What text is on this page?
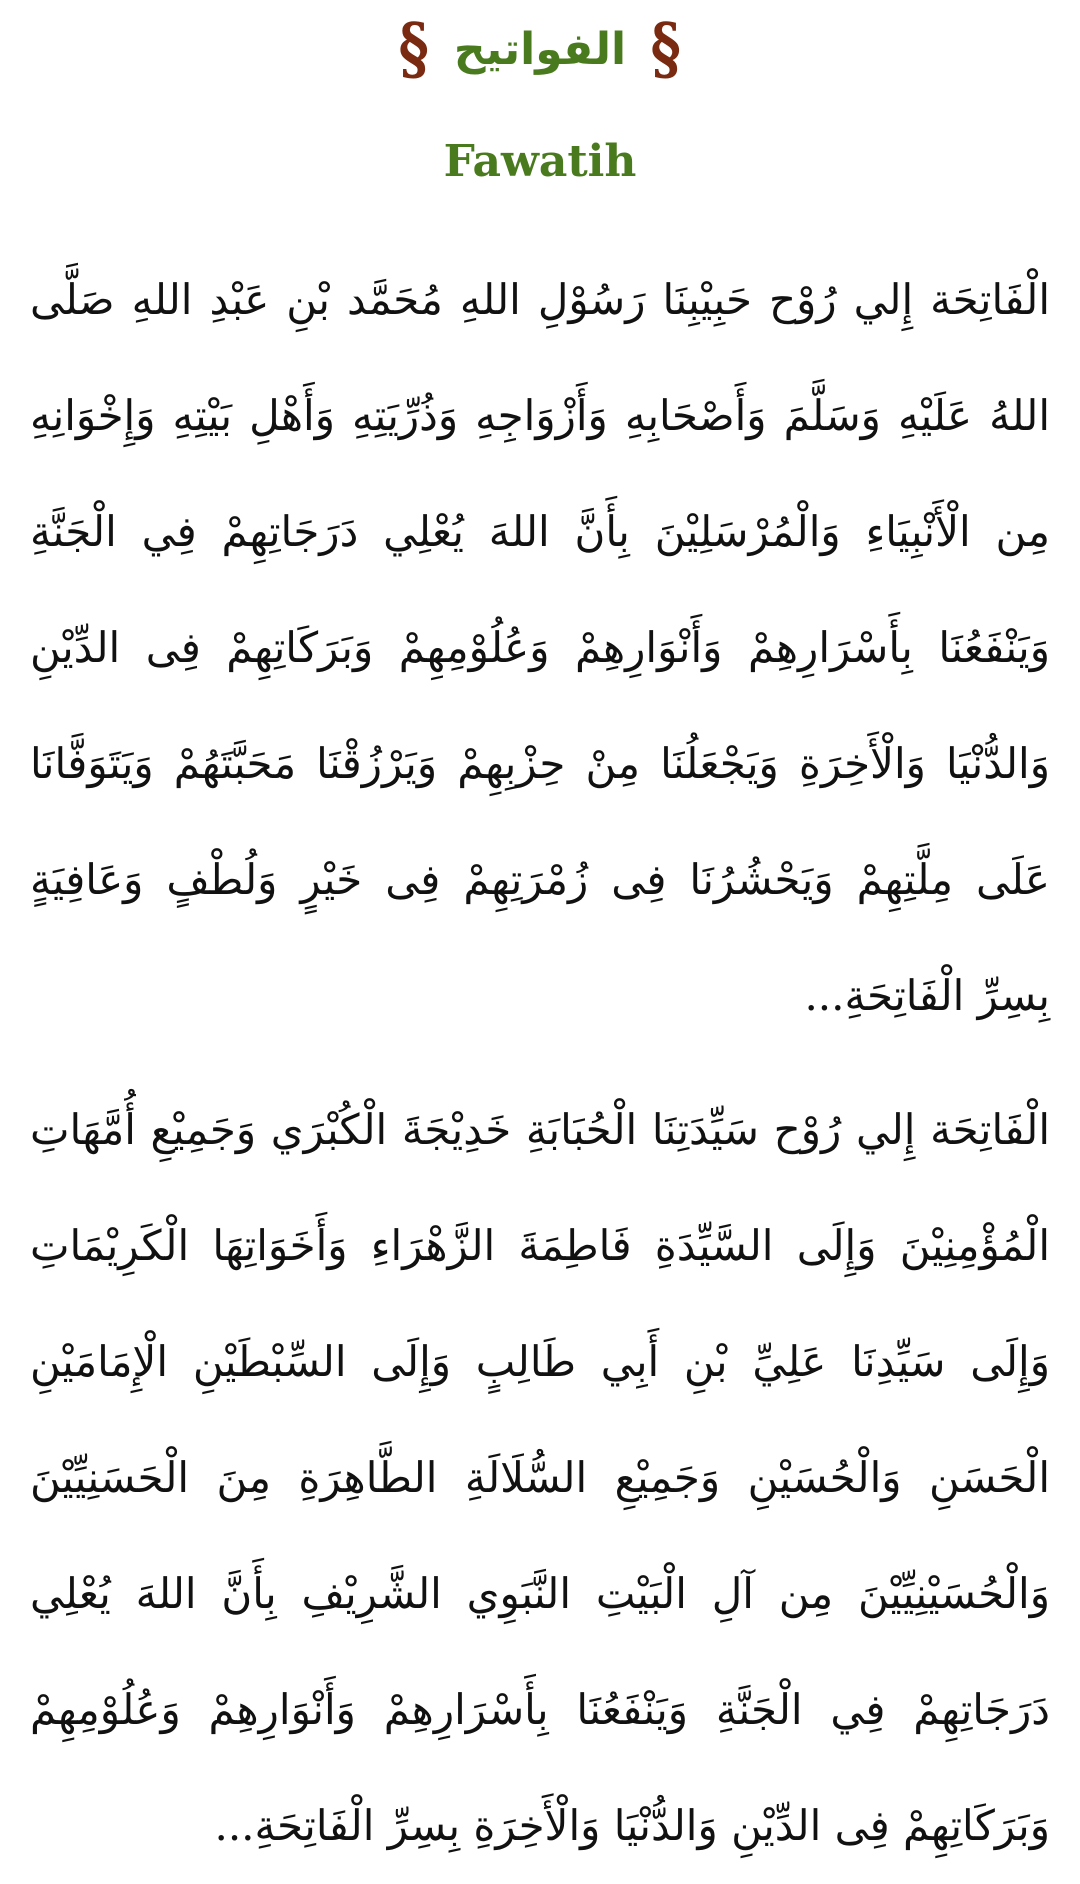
§ الفواتيح §
Fawatih

الْفَاتِحَة إِلي رُوْح حَبِيْبِنَا رَسُوْلِ اللهِ مُحَمَّد بْنِ عَبْدِ اللهِ صَلَّى اللهُ عَلَيْهِ وَسَلَّمَ وَأَصْحَابِهِ وَأَزْوَاجِهِ وَذُرِّيَتِهِ وَأَهْلِ بَيْتِهِ وَإِخْوَانِهِ مِن الْأَنْبِيَاءِ وَالْمُرْسَلِيْنَ بِأَنَّ اللهَ يُعْلِي دَرَجَاتِهِمْ فِي الْجَنَّةِ وَيَنْفَعُنَا بِأَسْرَارِهِمْ وَأَنْوَارِهِمْ وَعُلُوْمِهِمْ وَبَرَكَاتِهِمْ فِى الدِّيْنِ وَالدُّنْيَا وَالْأَخِرَةِ وَيَجْعَلُنَا مِنْ حِزْبِهِمْ وَيَرْزُقْنَا مَحَبَّتَهُمْ وَيَتَوَفَّانَا عَلَى مِلَّتِهِمْ وَيَحْشُرُنَا فِى زُمْرَتِهِمْ فِى خَيْرٍ وَلُطْفٍ وَعَافِيَةٍ بِسِرِّ الْفَاتِحَةِ...

الْفَاتِحَة إِلي رُوْح سَيِّدَتِنَا الْحُبَابَةِ خَدِيْجَةَ الْكُبْرَي وَجَمِيْعِ أُمَّهَاتِ الْمُؤْمِنِيْنَ وَإِلَى السَّيِّدَةِ فَاطِمَةَ الزَّهْرَاءِ وَأَخَوَاتِهَا الْكَرِيْمَاتِ وَإِلَى سَيِّدِنَا عَلِيِّ بْنِ أَبِي طَالِبٍ وَإِلَى السِّبْطَيْنِ الْإِمَامَيْنِ الْحَسَنِ وَالْحُسَيْنِ وَجَمِيْعِ السُّلَالَةِ الطَّاهِرَةِ مِنَ الْحَسَنِيِّيْنَ وَالْحُسَيْنِيِّيْنَ مِن آلِ الْبَيْتِ النَّبَوِي الشَّرِيْفِ بِأَنَّ اللهَ يُعْلِي دَرَجَاتِهِمْ فِي الْجَنَّةِ وَيَنْفَعُنَا بِأَسْرَارِهِمْ وَأَنْوَارِهِمْ وَعُلُوْمِهِمْ وَبَرَكَاتِهِمْ فِى الدِّيْنِ وَالدُّنْيَا وَالْأَخِرَةِ بِسِرِّ الْفَاتِحَةِ...
